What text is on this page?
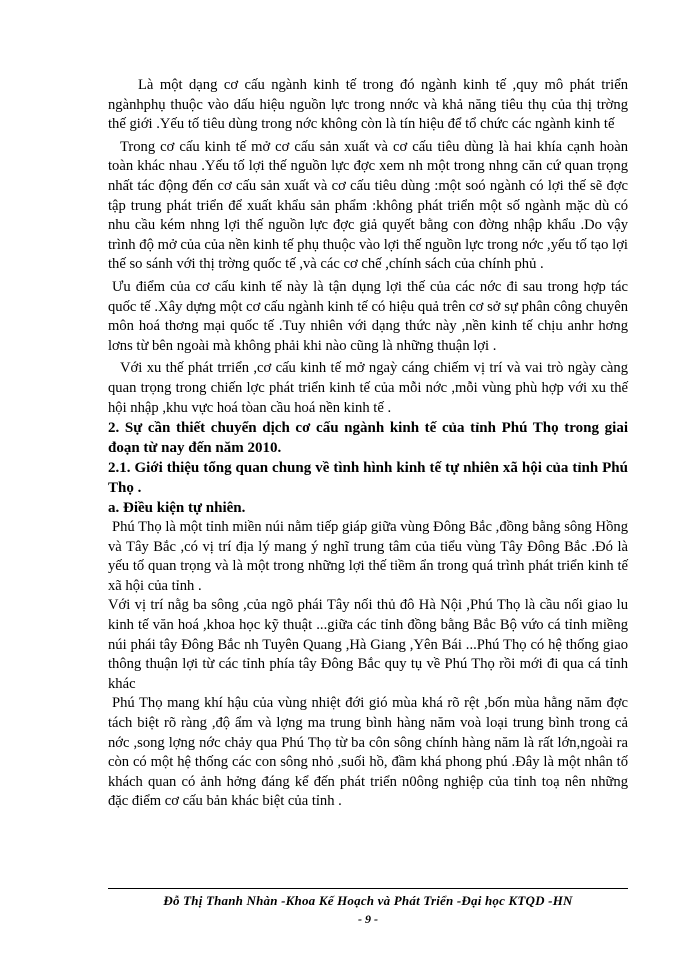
Là một dạng cơ cấu ngành kinh tế trong đó ngành kinh tế ,quy mô phát triển ngànhphụ thuộc vào dấu hiệu nguồn lực trong nnớc và khả năng tiêu thụ của thị trờng thế giới .Yếu tố tiêu dùng trong nớc không còn là tín hiệu để tổ chức các ngành kinh tế

Trong cơ cấu kinh tế mở cơ cấu sản xuất và cơ cấu tiêu dùng là hai khía cạnh hoàn toàn khác nhau .Yếu tố lợi thế nguồn lực đợc xem nh một trong nhng căn cứ quan trọng nhất tác động đến cơ cấu sản xuất và cơ cấu tiêu dùng :một soó ngành có lợi thế sẽ đợc tập trung phát triển để xuất khẩu sản phẩm :không phát triển một số ngành mặc dù có nhu cầu kém nhng lợi thế nguồn lực đợc giả quyết bằng con đờng nhập khẩu .Do vậy trình độ mở của của nền kinh tế phụ thuộc vào lợi thế nguồn lực trong nớc ,yếu tố tạo lợi thế so sánh với thị trờng quốc tế ,và các cơ chế ,chính sách của chính phủ .

Ưu điểm của cơ cấu kinh tế này là tận dụng lợi thế của các nớc đi sau trong hợp tác quốc tế .Xây dựng một cơ cấu ngành kinh tế có hiệu quả trên cơ sở sự phân công chuyên môn hoá thơng mại quốc tế .Tuy nhiên với dạng thức này ,nền kinh tế chịu anhr hơng lơns từ bên ngoài mà không phải khi nào cũng là những thuận lợi .

Với xu thế phát trriển ,cơ cấu kinh tế mở ngaỳ cáng chiếm vị trí và vai trò ngày càng quan trọng trong chiến lợc phát triển kinh tế của mỗi nớc ,mỗi vùng phù hợp với xu thế hội nhập ,khu vực hoá tòan cầu hoá nền kinh tế .

2. Sự cần thiết chuyển dịch cơ cấu ngành kinh tế của tỉnh Phú Thọ trong giai đoạn từ nay đến năm 2010.

2.1. Giới thiệu tổng quan chung về tình hình kinh tế tự nhiên xã hội của tỉnh Phú Thọ .

a. Điều kiện tự nhiên.

Phú Thọ là một tỉnh miền núi nằm tiếp giáp giữa vùng Đông Bắc ,đồng bằng sông Hồng và Tây Bắc ,có vị trí địa lý mang ý nghĩ trung tâm của tiểu vùng Tây Đông Bắc .Đó là yếu tố quan trọng và là một trong những lợi thế tiềm ẩn trong quá trình phát triển kinh tế xã hội của tỉnh .

Với vị trí nằg ba sông ,của ngõ phái Tây nối thủ đô Hà Nội ,Phú Thọ là cầu nối giao lu kinh tế văn hoá ,khoa học kỹ thuật ...giữa các tỉnh đồng bằng Bắc Bộ vứo cá tỉnh miềng núi phái tây Đông Bắc nh Tuyên Quang ,Hà Giang ,Yên Bái ...Phú Thọ có hệ thống giao thông thuận lợi từ các tỉnh phía tây Đông Bắc quy tụ về Phú Thọ rồi mới đi qua cá tỉnh khác

Phú Thọ mang khí hậu của vùng nhiệt đới gió mùa khá rõ rệt ,bốn mùa hằng năm đợc tách biệt rõ ràng ,độ ẩm và lợng ma trung bình hàng năm voà loại trung bình trong cả nớc ,song lợng nớc chảy qua Phú Thọ từ ba côn sông chính hàng năm là rất lớn,ngoài ra còn có một hệ thống các con sông nhỏ ,suối hồ, đầm khá phong phú .Đây là một nhân tố khách quan có ảnh hởng đáng kể đến phát triển n0ông nghiệp của tỉnh toạ nên những đặc điểm cơ cấu bản khác biệt của tỉnh .

Đỗ Thị Thanh Nhàn -Khoa Kế Hoạch và Phát Triển -Đại học KTQD -HN
- 9 -
